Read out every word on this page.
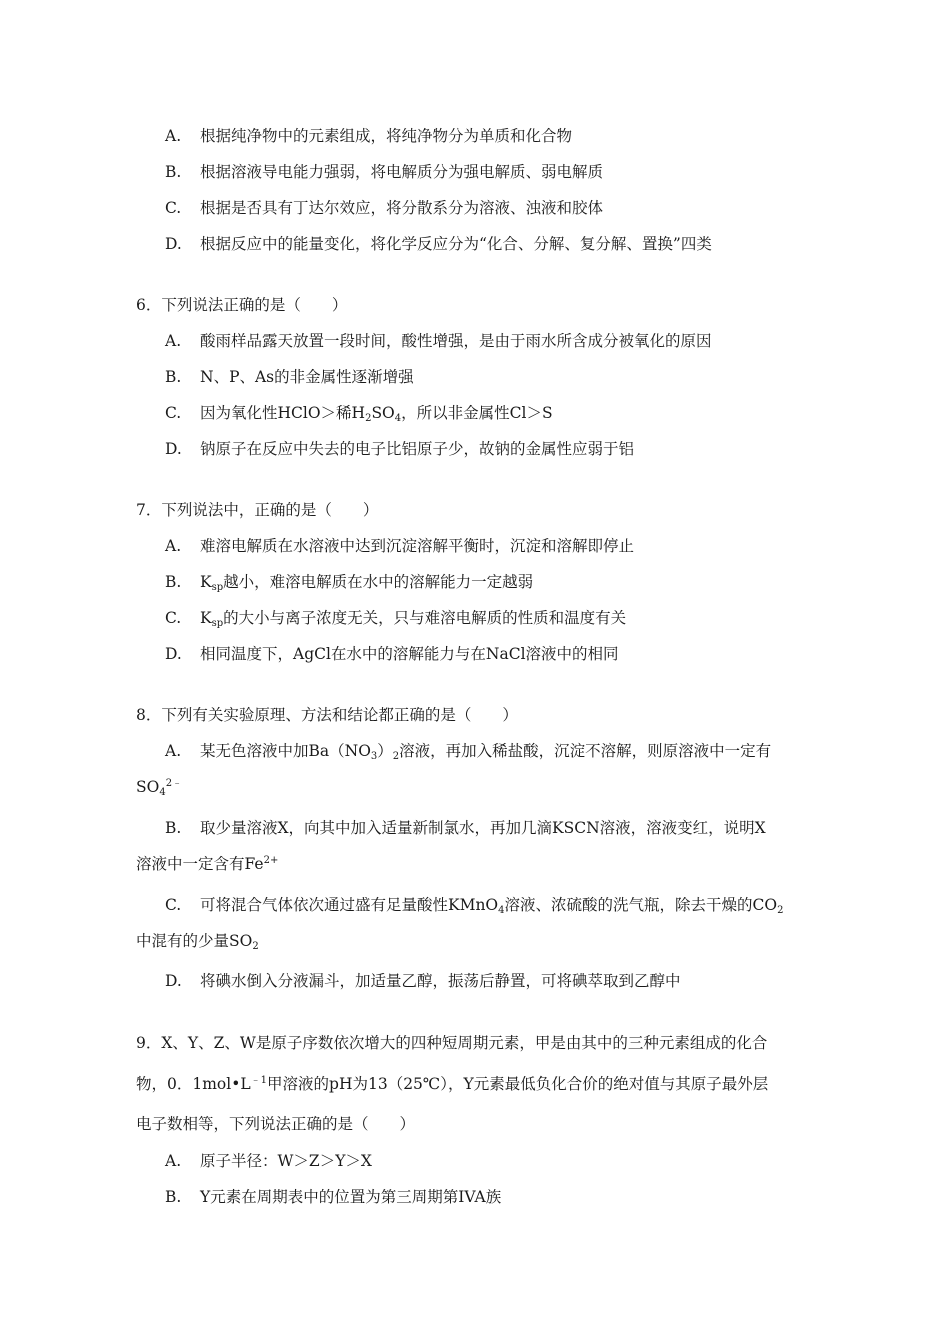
A. 根据纯净物中的元素组成，将纯净物分为单质和化合物
B. 根据溶液导电能力强弱，将电解质分为强电解质、弱电解质
C. 根据是否具有丁达尔效应，将分散系分为溶液、浊液和胶体
D. 根据反应中的能量变化，将化学反应分为“化合、分解、复分解、置换”四类
6．下列说法正确的是（　　）
A. 酸雨样品露天放置一段时间，酸性增强，是由于雨水所含成分被氧化的原因
B. N、P、As的非金属性逐渐增强
C. 因为氧化性HClO＞稀$H_2SO_4$，所以非金属性Cl＞S
D. 钠原子在反应中失去的电子比铝原子少，故钠的金属性应弱于铝
7．下列说法中，正确的是（　　）
A. 难溶电解质在水溶液中达到沉淀溶解平衡时，沉淀和溶解即停止
B. $K_{sp}$越小，难溶电解质在水中的溶解能力一定越弱
C. $K_{sp}$的大小与离子浓度无关，只与难溶电解质的性质和温度有关
D. 相同温度下，AgCl在水中的溶解能力与在NaCl溶液中的相同
8．下列有关实验原理、方法和结论都正确的是（　　）
A. 某无色溶液中加$Ba(NO_3)_2$溶液，再加入稀盐酸，沉淀不溶解，则原溶液中一定有
$SO_4^{2﹣}$
B. 取少量溶液X，向其中加入适量新制氯水，再加几滴KSCN溶液，溶液变红，说明X
溶液中一定含有$Fe^{2+}$
C. 可将混合气体依次通过盛有足量酸性KMnO$_4$溶液、浓硫酸的洗气瓶，除去干燥的$CO_2$
中混有的少量$SO_2$
D. 将碘水倒入分液漏斗，加适量乙醇，振荡后静置，可将碘萃取到乙醇中
9．X、Y、Z、W是原子序数依次增大的四种短周期元素，甲是由其中的三种元素组成的化合
物，0．$1mol•L^{﹣1}$甲溶液的pH为13（25℃），Y元素最低负化合价的绝对值与其原子最外层
电子数相等，下列说法正确的是（　　）
A. 原子半径：W＞Z＞Y＞X
B. Y元素在周期表中的位置为第三周期第IVA族
